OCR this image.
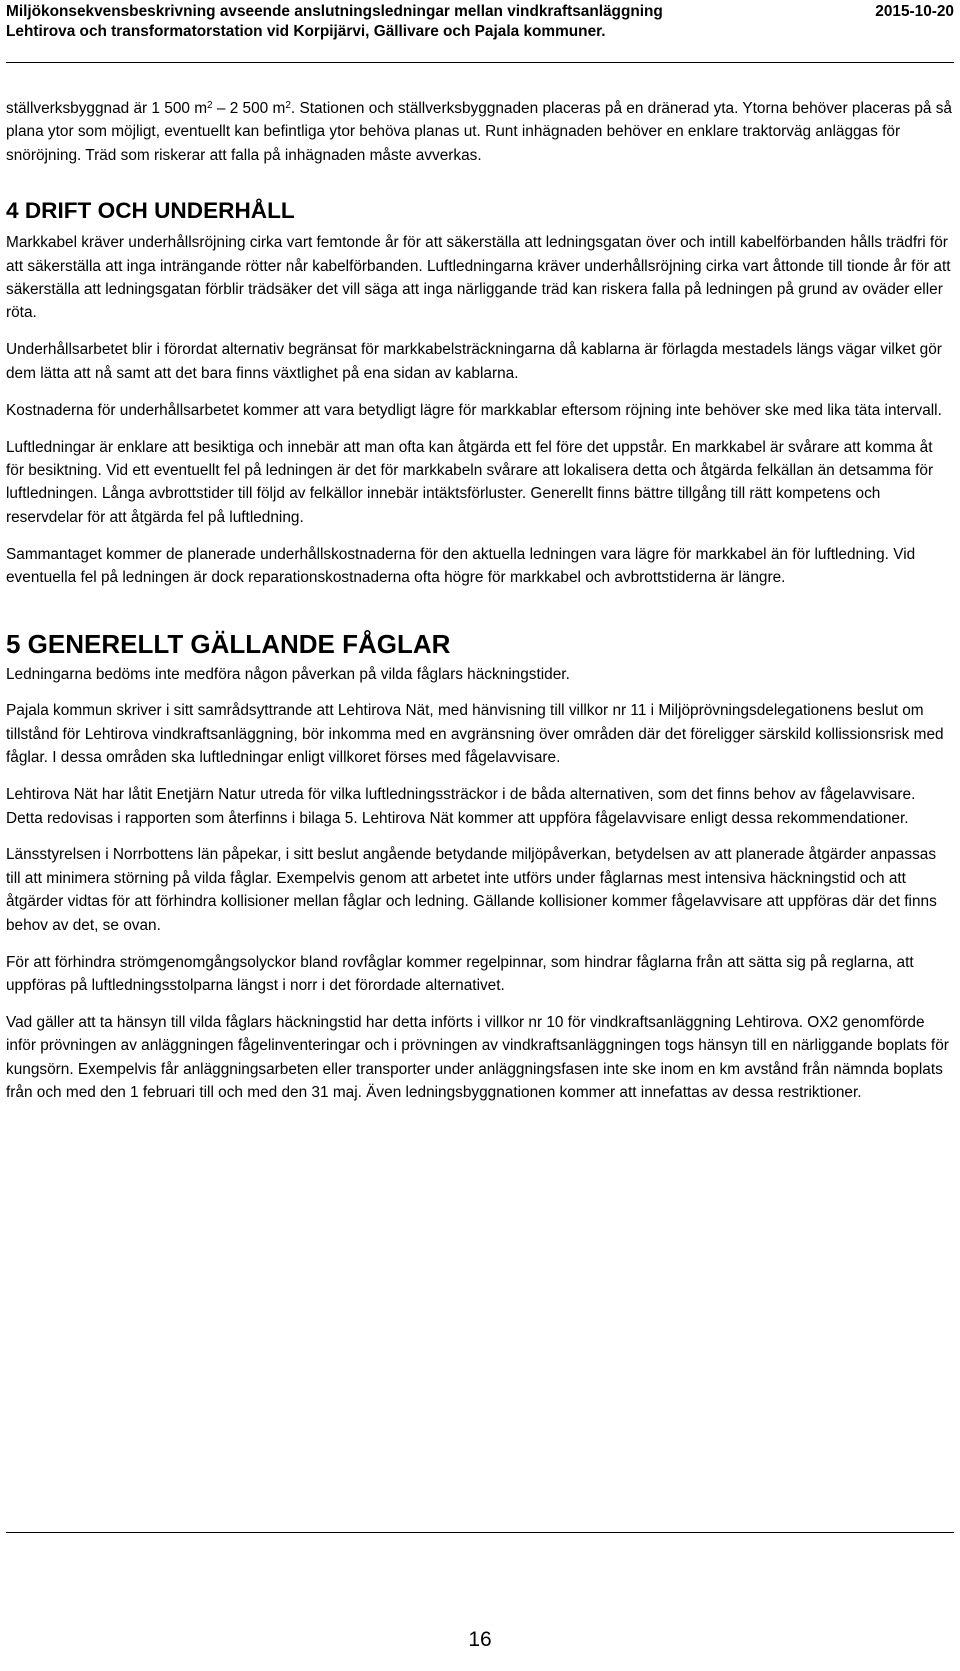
Miljökonsekvensbeskrivning avseende anslutningsledningar mellan vindkraftsanläggning Lehtirova och transformatorstation vid Korpijärvi, Gällivare och Pajala kommuner.
2015-10-20

ställverksbyggnad är 1 500 $m^2 - 2$ 500 $m^2$. Stationen och ställverksbyggnaden placeras på en dränerad yta. Ytorna behöver placeras på så plana ytor som möjligt, eventuellt kan befintliga ytor behöva planas ut. Runt inhägnaden behöver en enklare traktorväg anläggas för snöröjning. Träd som riskerar att falla på inhägnaden måste avverkas.

4 DRIFT OCH UNDERHÅLL

Markkabel kräver underhållsröjning cirka vart femtonde år för att säkerställa att ledningsgatan över och intill kabelförbanden hålls trädfri för att säkerställa att inga inträngande rötter når kabelförbanden. Luftledningarna kräver underhållsröjning cirka vart åttonde till tionde år för att säkerställa att ledningsgatan förblir trädsäker det vill säga att inga närliggande träd kan riskera falla på ledningen på grund av oväder eller röta.

Underhållsarbetet blir i förordat alternativ begränsat för markkabelsträckningarna då kablarna är förlagda mestadels längs vägar vilket gör dem lätta att nå samt att det bara finns växtlighet på ena sidan av kablarna.

Kostnaderna för underhållsarbetet kommer att vara betydligt lägre för markkablar eftersom röjning inte behöver ske med lika täta intervall.

Luftledningar är enklare att besiktiga och innebär att man ofta kan åtgärda ett fel före det uppstår. En markkabel är svårare att komma åt för besiktning. Vid ett eventuellt fel på ledningen är det för markkabeln svårare att lokalisera detta och åtgärda felkällan än detsamma för luftledningen. Långa avbrottstider till följd av felkällor innebär intäktsförluster. Generellt finns bättre tillgång till rätt kompetens och reservdelar för att åtgärda fel på luftledning.

Sammantaget kommer de planerade underhållskostnaderna för den aktuella ledningen vara lägre för markkabel än för luftledning. Vid eventuella fel på ledningen är dock reparationskostnaderna ofta högre för markkabel och avbrottstiderna är längre.

5 GENERELLT GÄLLANDE FÅGLAR

Ledningarna bedöms inte medföra någon påverkan på vilda fåglars häckningstider.

Pajala kommun skriver i sitt samrådsyttrande att Lehtirova Nät, med hänvisning till villkor nr 11 i Miljöprövningsdelegationens beslut om tillstånd för Lehtirova vindkraftsanläggning, bör inkomma med en avgränsning över områden där det föreligger särskild kollissionsrisk med fåglar. I dessa områden ska luftledningar enligt villkoret förses med fågelavvisare.

Lehtirova Nät har låtit Enetjärn Natur utreda för vilka luftledningssträckor i de båda alternativen, som det finns behov av fågelavvisare. Detta redovisas i rapporten som återfinns i bilaga 5. Lehtirova Nät kommer att uppföra fågelavvisare enligt dessa rekommendationer.

Länsstyrelsen i Norrbottens län påpekar, i sitt beslut angående betydande miljöpåverkan, betydelsen av att planerade åtgärder anpassas till att minimera störning på vilda fåglar. Exempelvis genom att arbetet inte utförs under fåglarnas mest intensiva häckningstid och att åtgärder vidtas för att förhindra kollisioner mellan fåglar och ledning. Gällande kollisioner kommer fågelavvisare att uppföras där det finns behov av det, se ovan.

För att förhindra strömgenomgångsolyckor bland rovfåglar kommer regelpinnar, som hindrar fåglarna från att sätta sig på reglarna, att uppföras på luftledningsstolparna längst i norr i det förordade alternativet.

Vad gäller att ta hänsyn till vilda fåglars häckningstid har detta införts i villkor nr 10 för vindkraftsanläggning Lehtirova. OX2 genomförde inför prövningen av anläggningen fågelinventeringar och i prövningen av vindkraftsanläggningen togs hänsyn till en närliggande boplats för kungsörn. Exempelvis får anläggningsarbeten eller transporter under anläggningsfasen inte ske inom en km avstånd från nämnda boplats från och med den 1 februari till och med den 31 maj. Även ledningsbyggnationen kommer att innefattas av dessa restriktioner.

16
